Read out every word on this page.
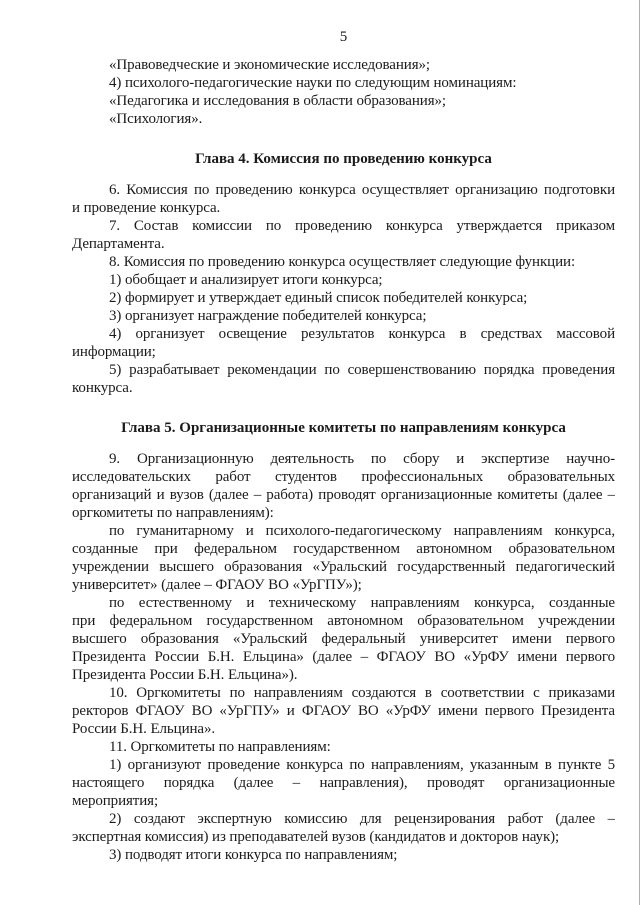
5
«Правоведческие и экономические исследования»;
4) психолого-педагогические науки по следующим номинациям:
«Педагогика и исследования в области образования»;
«Психология».
Глава 4. Комиссия по проведению конкурса
6. Комиссия по проведению конкурса осуществляет организацию подготовки
и проведение конкурса.
7. Состав комиссии по проведению конкурса утверждается приказом
Департамента.
8. Комиссия по проведению конкурса осуществляет следующие функции:
1) обобщает и анализирует итоги конкурса;
2) формирует и утверждает единый список победителей конкурса;
3) организует награждение победителей конкурса;
4) организует освещение результатов конкурса в средствах массовой
информации;
5) разрабатывает рекомендации по совершенствованию порядка проведения
конкурса.
Глава 5. Организационные комитеты по направлениям конкурса
9. Организационную деятельность по сбору и экспертизе научно-
исследовательских работ студентов профессиональных образовательных
организаций и вузов (далее – работа) проводят организационные комитеты (далее –
оргкомитеты по направлениям):
по гуманитарному и психолого-педагогическому направлениям конкурса,
созданные при федеральном государственном автономном образовательном
учреждении высшего образования «Уральский государственный педагогический
университет» (далее – ФГАОУ ВО «УрГПУ»);
по естественному и техническому направлениям конкурса, созданные
при федеральном государственном автономном образовательном учреждении
высшего образования «Уральский федеральный университет имени первого
Президента России Б.Н. Ельцина» (далее – ФГАОУ ВО «УрФУ имени первого
Президента России Б.Н. Ельцина»).
10. Оргкомитеты по направлениям создаются в соответствии с приказами
ректоров ФГАОУ ВО «УрГПУ» и ФГАОУ ВО «УрФУ имени первого Президента
России Б.Н. Ельцина».
11. Оргкомитеты по направлениям:
1) организуют проведение конкурса по направлениям, указанным в пункте 5
настоящего порядка (далее – направления), проводят организационные
мероприятия;
2) создают экспертную комиссию для рецензирования работ (далее –
экспертная комиссия) из преподавателей вузов (кандидатов и докторов наук);
3) подводят итоги конкурса по направлениям;
